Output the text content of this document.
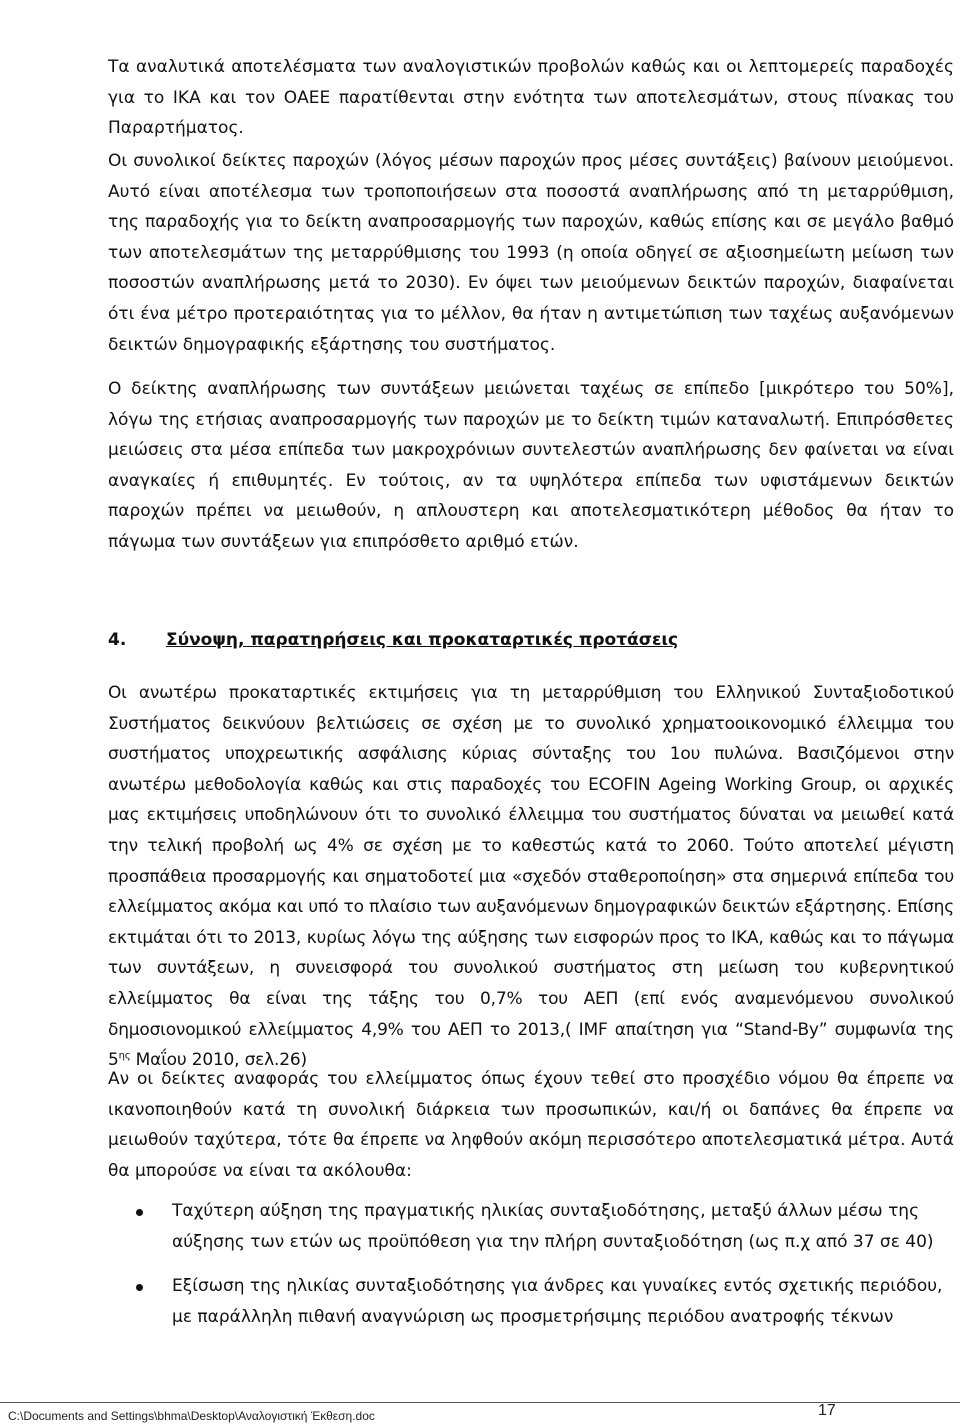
Τα αναλυτικά αποτελέσματα των αναλογιστικών προβολών καθώς και οι λεπτομερείς παραδοχές για το ΙΚΑ και τον ΟΑΕΕ παρατίθενται στην ενότητα των αποτελεσμάτων, στους πίνακας του Παραρτήματος.

Οι συνολικοί δείκτες παροχών (λόγος μέσων παροχών προς μέσες συντάξεις) βαίνουν μειούμενοι. Αυτό είναι αποτέλεσμα των τροποποιήσεων στα ποσοστά αναπλήρωσης από τη μεταρρύθμιση, της παραδοχής για το δείκτη αναπροσαρμογής των παροχών, καθώς επίσης και σε μεγάλο βαθμό των αποτελεσμάτων της μεταρρύθμισης του 1993 (η οποία οδηγεί σε αξιοσημείωτη μείωση των ποσοστών αναπλήρωσης μετά το 2030). Εν όψει των μειούμενων δεικτών παροχών, διαφαίνεται ότι ένα μέτρο προτεραιότητας για το μέλλον, θα ήταν η αντιμετώπιση των ταχέως αυξανόμενων δεικτών δημογραφικής εξάρτησης του συστήματος.

Ο δείκτης αναπλήρωσης των συντάξεων μειώνεται ταχέως σε επίπεδο [μικρότερο του 50%], λόγω της ετήσιας αναπροσαρμογής των παροχών με το δείκτη τιμών καταναλωτή. Επιπρόσθετες μειώσεις στα μέσα επίπεδα των μακροχρόνιων συντελεστών αναπλήρωσης δεν φαίνεται να είναι αναγκαίες ή επιθυμητές. Εν τούτοις, αν τα υψηλότερα επίπεδα των υφιστάμενων δεικτών παροχών πρέπει να μειωθούν, η απλουστερη και αποτελεσματικότερη μέθοδος θα ήταν το πάγωμα των συντάξεων για επιπρόσθετο αριθμό ετών.

4. Σύνοψη, παρατηρήσεις και προκαταρτικές προτάσεις

Οι ανωτέρω προκαταρτικές εκτιμήσεις για τη μεταρρύθμιση του Ελληνικού Συνταξιοδοτικού Συστήματος δεικνύουν βελτιώσεις σε σχέση με το συνολικό χρηματοοικονομικό έλλειμμα του συστήματος υποχρεωτικής ασφάλισης κύριας σύνταξης του 1ου πυλώνα. Βασιζόμενοι στην ανωτέρω μεθοδολογία καθώς και στις παραδοχές του ECOFIN Ageing Working Group, οι αρχικές μας εκτιμήσεις υποδηλώνουν ότι το συνολικό έλλειμμα του συστήματος δύναται να μειωθεί κατά την τελική προβολή ως 4% σε σχέση με το καθεστώς κατά το 2060. Τούτο αποτελεί μέγιστη προσπάθεια προσαρμογής και σηματοδοτεί μια «σχεδόν σταθεροποίηση» στα σημερινά επίπεδα του ελλείμματος ακόμα και υπό το πλαίσιο των αυξανόμενων δημογραφικών δεικτών εξάρτησης. Επίσης εκτιμάται ότι το 2013, κυρίως λόγω της αύξησης των εισφορών προς το ΙΚΑ, καθώς και το πάγωμα των συντάξεων, η συνεισφορά του συνολικού συστήματος στη μείωση του κυβερνητικού ελλείμματος θα είναι της τάξης του 0,7% του ΑΕΠ (επί ενός αναμενόμενου συνολικού δημοσιονομικού ελλείμματος 4,9% του ΑΕΠ το 2013,( IMF απαίτηση για “Stand-By” συμφωνία της $5^{\eta\varsigma}$ Μαΐου 2010, σελ.26)

Αν οι δείκτες αναφοράς του ελλείμματος όπως έχουν τεθεί στο προσχέδιο νόμου θα έπρεπε να ικανοποιηθούν κατά τη συνολική διάρκεια των προσωπικών, και/ή οι δαπάνες θα έπρεπε να μειωθούν ταχύτερα, τότε θα έπρεπε να ληφθούν ακόμη περισσότερο αποτελεσματικά μέτρα. Αυτά θα μπορούσε να είναι τα ακόλουθα:

Ταχύτερη αύξηση της πραγματικής ηλικίας συνταξιοδότησης, μεταξύ άλλων μέσω της αύξησης των ετών ως προϋπόθεση για την πλήρη συνταξιοδότηση (ως π.χ από 37 σε 40)
Εξίσωση της ηλικίας συνταξιοδότησης για άνδρες και γυναίκες εντός σχετικής περιόδου, με παράλληλη πιθανή αναγνώριση ως προσμετρήσιμης περιόδου ανατροφής τέκνων
C:\Documents and Settings\bhma\Desktop\Αναλογιστική Έκθεση.doc	17
